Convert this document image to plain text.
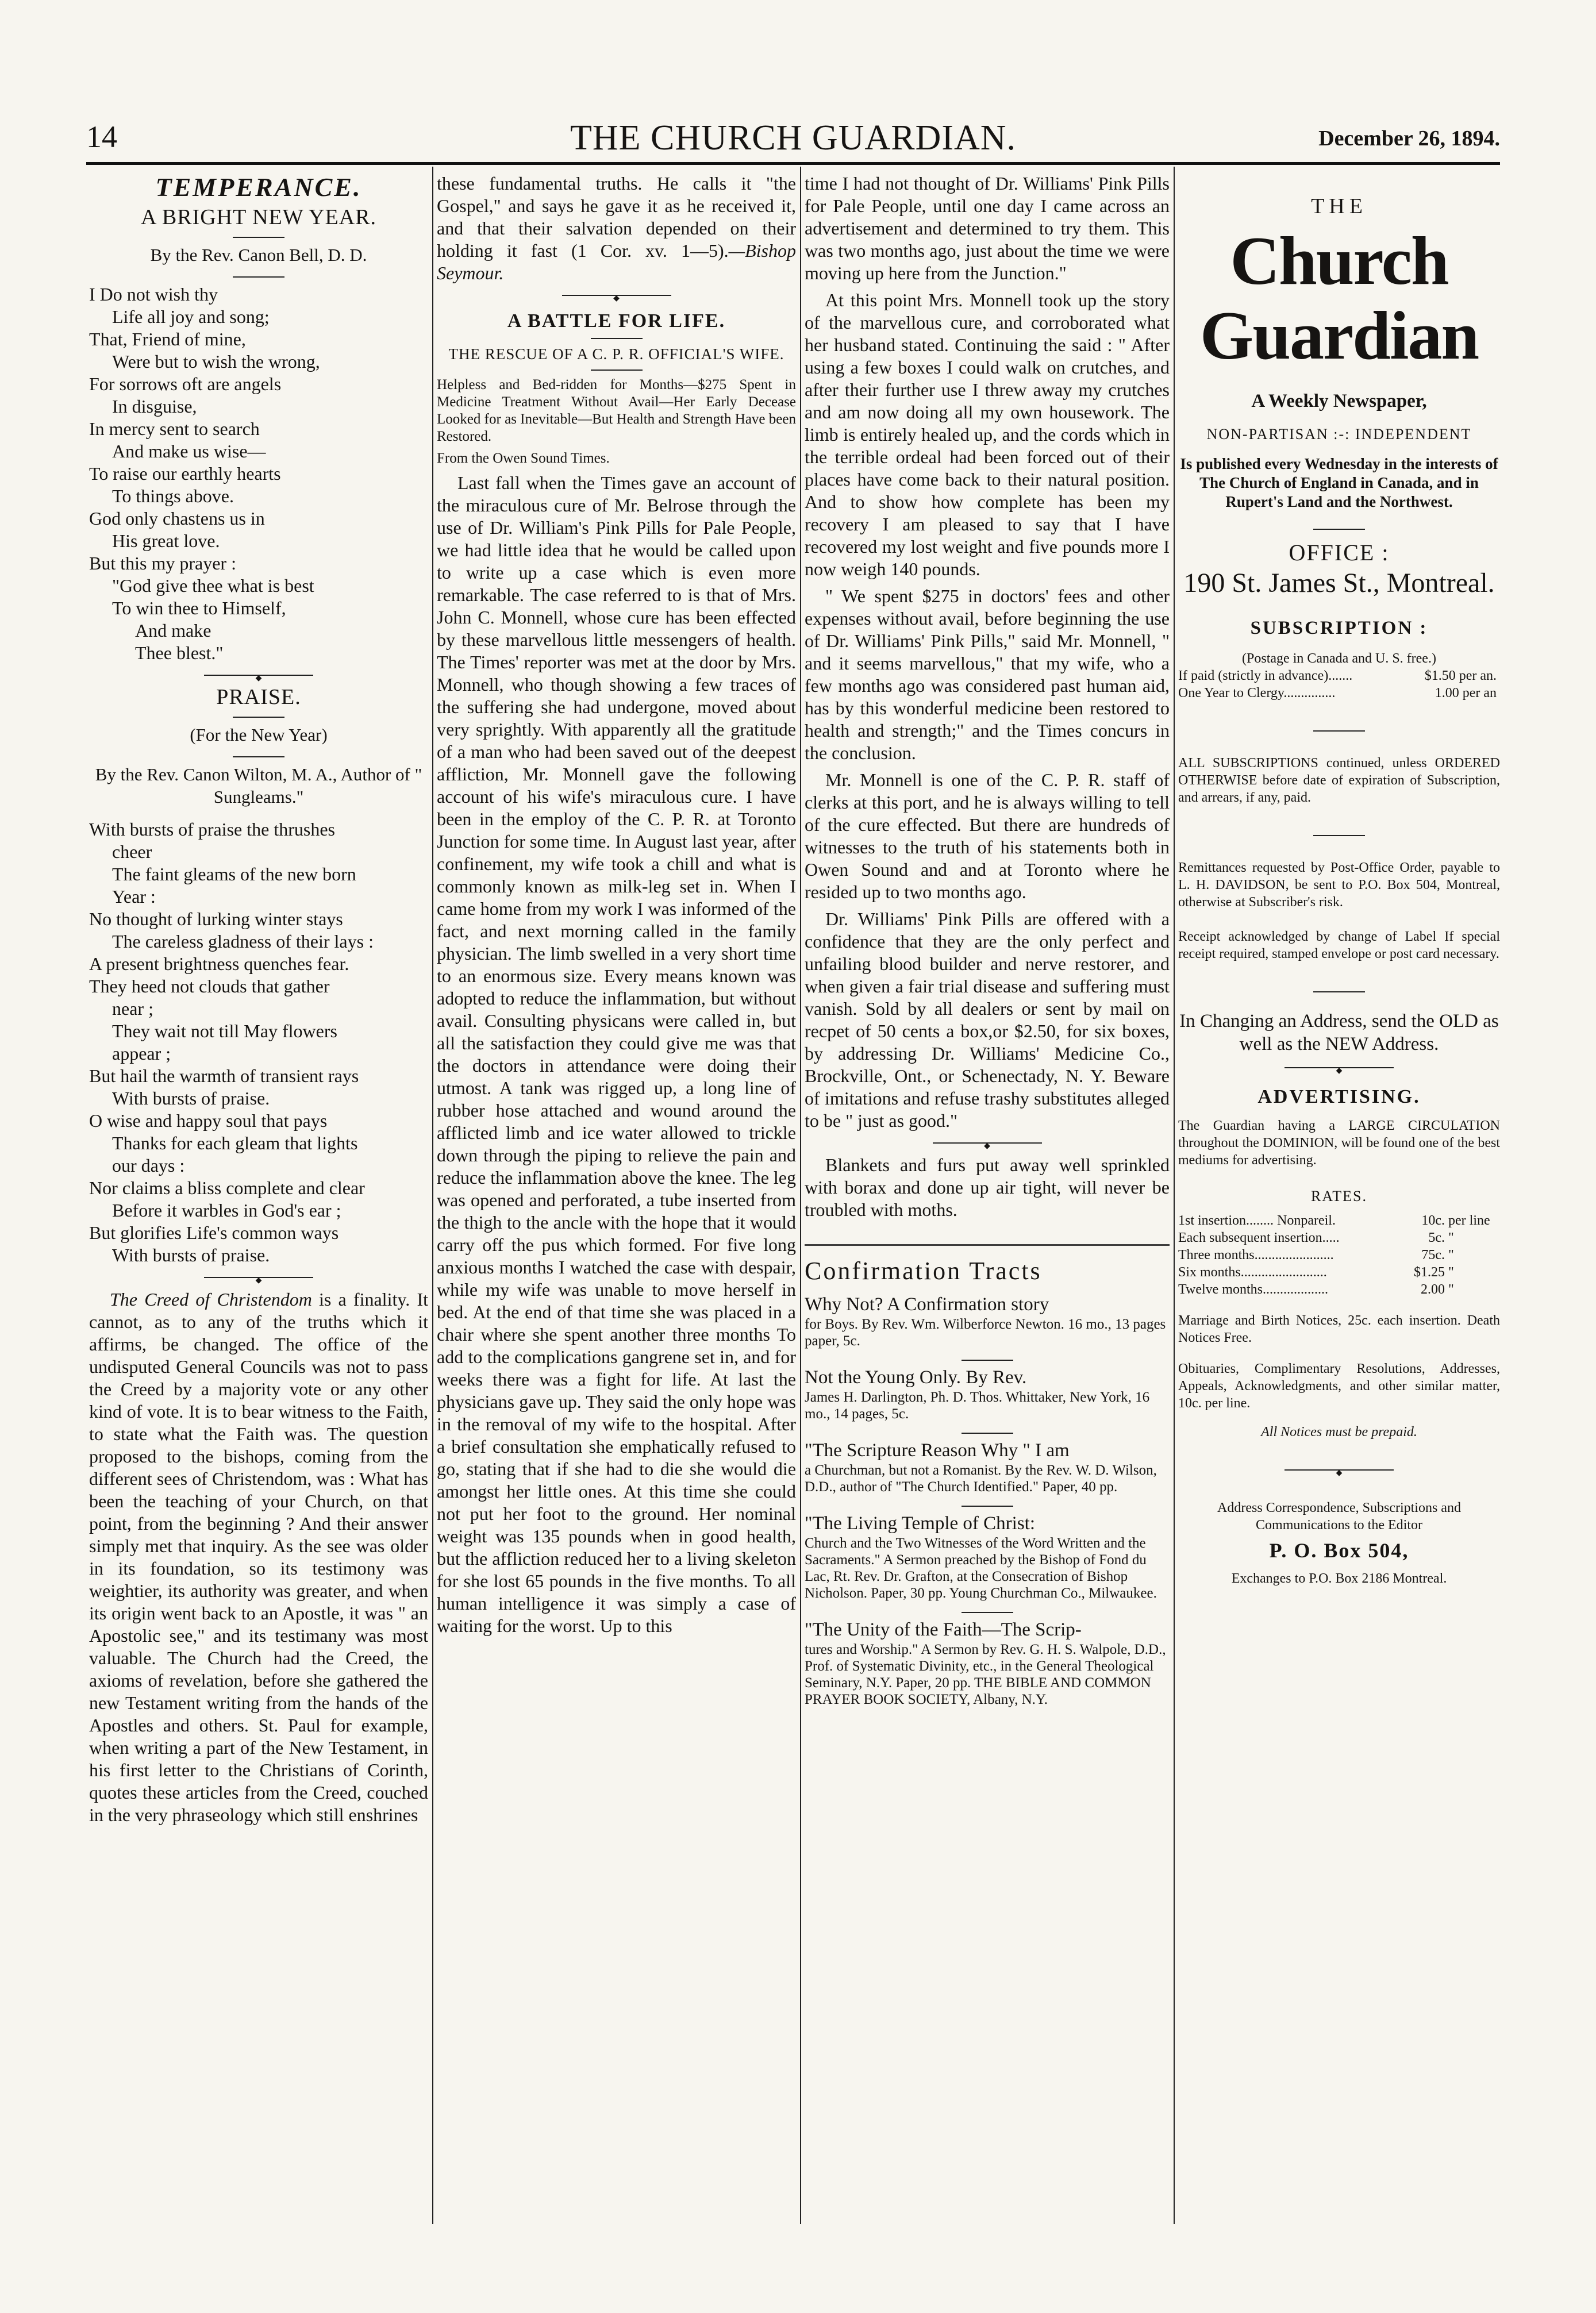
14	THE CHURCH GUARDIAN.	December 26, 1894.
TEMPERANCE.
A BRIGHT NEW YEAR.
By the Rev. Canon Bell, D. D.
I Do not wish thy
Life all joy and song;
That, Friend of mine,
Were but to wish the wrong,
For sorrows oft are angels
In disguise,
In mercy sent to search
And make us wise—
To raise our earthly hearts
To things above.
God only chastens us in
His great love.
But this my prayer :
"God give thee what is best
To win thee to Himself,
And make
Thee blest."
◆
PRAISE.
(For the New Year)
By the Rev. Canon Wilton, M. A., Author of " Sungleams."
With bursts of praise the thrushes
cheer
The faint gleams of the new born
Year :
No thought of lurking winter stays
The careless gladness of their lays :
A present brightness quenches fear.
They heed not clouds that gather
near ;
They wait not till May flowers
appear ;
But hail the warmth of transient rays
With bursts of praise.
O wise and happy soul that pays
Thanks for each gleam that lights
our days :
Nor claims a bliss complete and clear
Before it warbles in God's ear ;
But glorifies Life's common ways
With bursts of praise.
◆

The Creed of Christendom is a finality. It cannot, as to any of the truths which it affirms, be changed. The office of the undisputed General Councils was not to pass the Creed by a majority vote or any other kind of vote. It is to bear witness to the Faith, to state what the Faith was. The question proposed to the bishops, coming from the different sees of Christendom, was : What has been the teaching of your Church, on that point, from the beginning ? And their answer simply met that inquiry. As the see was older in its foundation, so its testimony was weightier, its authority was greater, and when its origin went back to an Apostle, it was " an Apostolic see," and its testimany was most valuable. The Church had the Creed, the axioms of revelation, before she gathered the new Testament writing from the hands of the Apostles and others. St. Paul for example, when writing a part of the New Testament, in his first letter to the Christians of Corinth, quotes these articles from the Creed, couched in the very phraseology which still enshrines

these fundamental truths. He calls it "the Gospel," and says he gave it as he received it, and that their salvation depended on their holding it fast (1 Cor. xv. 1—5).—Bishop Seymour.

◆
A BATTLE FOR LIFE.
THE RESCUE OF A C. P. R. OFFICIAL'S WIFE.
Helpless and Bed-ridden for Months—$275 Spent in Medicine Treatment Without Avail—Her Early Decease Looked for as Inevitable—But Health and Strength Have been Restored.
From the Owen Sound Times.

Last fall when the Times gave an account of the miraculous cure of Mr. Belrose through the use of Dr. William's Pink Pills for Pale People, we had little idea that he would be called upon to write up a case which is even more remarkable. The case referred to is that of Mrs. John C. Monnell, whose cure has been effected by these marvellous little messengers of health. The Times' reporter was met at the door by Mrs. Monnell, who though showing a few traces of the suffering she had undergone, moved about very sprightly. With apparently all the gratitude of a man who had been saved out of the deepest affliction, Mr. Monnell gave the following account of his wife's miraculous cure. I have been in the employ of the C. P. R. at Toronto Junction for some time. In August last year, after confinement, my wife took a chill and what is commonly known as milk-leg set in. When I came home from my work I was informed of the fact, and next morning called in the family physician. The limb swelled in a very short time to an enormous size. Every means known was adopted to reduce the inflammation, but without avail. Consulting physicans were called in, but all the satisfaction they could give me was that the doctors in attendance were doing their utmost. A tank was rigged up, a long line of rubber hose attached and wound around the afflicted limb and ice water allowed to trickle down through the piping to relieve the pain and reduce the inflammation above the knee. The leg was opened and perforated, a tube inserted from the thigh to the ancle with the hope that it would carry off the pus which formed. For five long anxious months I watched the case with despair, while my wife was unable to move herself in bed. At the end of that time she was placed in a chair where she spent another three months To add to the complications gangrene set in, and for weeks there was a fight for life. At last the physicians gave up. They said the only hope was in the removal of my wife to the hospital. After a brief consultation she emphatically refused to go, stating that if she had to die she would die amongst her little ones. At this time she could not put her foot to the ground. Her nominal weight was 135 pounds when in good health, but the affliction reduced her to a living skeleton for she lost 65 pounds in the five months. To all human intelligence it was simply a case of waiting for the worst. Up to this

time I had not thought of Dr. Williams' Pink Pills for Pale People, until one day I came across an advertisement and determined to try them. This was two months ago, just about the time we were moving up here from the Junction."

At this point Mrs. Monnell took up the story of the marvellous cure, and corroborated what her husband stated. Continuing the said : " After using a few boxes I could walk on crutches, and after their further use I threw away my crutches and am now doing all my own housework. The limb is entirely healed up, and the cords which in the terrible ordeal had been forced out of their places have come back to their natural position. And to show how complete has been my recovery I am pleased to say that I have recovered my lost weight and five pounds more I now weigh 140 pounds.

" We spent $275 in doctors' fees and other expenses without avail, before beginning the use of Dr. Williams' Pink Pills," said Mr. Monnell, " and it seems marvellous," that my wife, who a few months ago was considered past human aid, has by this wonderful medicine been restored to health and strength;" and the Times concurs in the conclusion.

Mr. Monnell is one of the C. P. R. staff of clerks at this port, and he is always willing to tell of the cure effected. But there are hundreds of witnesses to the truth of his statements both in Owen Sound and and at Toronto where he resided up to two months ago.

Dr. Williams' Pink Pills are offered with a confidence that they are the only perfect and unfailing blood builder and nerve restorer, and when given a fair trial disease and suffering must vanish. Sold by all dealers or sent by mail on recpet of 50 cents a box,or $2.50, for six boxes, by addressing Dr. Williams' Medicine Co., Brockville, Ont., or Schenectady, N. Y. Beware of imitations and refuse trashy substitutes alleged to be " just as good."

◆

Blankets and furs put away well sprinkled with borax and done up air tight, will never be troubled with moths.

Confirmation Tracts
Why Not? A Confirmation story
for Boys. By Rev. Wm. Wilberforce Newton. 16 mo., 13 pages paper, 5c.
Not the Young Only. By Rev.
James H. Darlington, Ph. D. Thos. Whittaker, New York, 16 mo., 14 pages, 5c.
"The Scripture Reason Why " I am
a Churchman, but not a Romanist. By the Rev. W. D. Wilson, D.D., author of "The Church Identified." Paper, 40 pp.
"The Living Temple of Christ:
Church and the Two Witnesses of the Word Written and the Sacraments." A Sermon preached by the Bishop of Fond du Lac, Rt. Rev. Dr. Grafton, at the Consecration of Bishop Nicholson. Paper, 30 pp. Young Churchman Co., Milwaukee.
"The Unity of the Faith—The Scrip-
tures and Worship." A Sermon by Rev. G. H. S. Walpole, D.D., Prof. of Systematic Divinity, etc., in the General Theological Seminary, N.Y. Paper, 20 pp. THE BIBLE AND COMMON PRAYER BOOK SOCIETY, Albany, N.Y.
THE
Church Guardian
A Weekly Newspaper,
NON-PARTISAN :-: INDEPENDENT
Is published every Wednesday in the interests of The Church of England in Canada, and in Rupert's Land and the Northwest.
OFFICE :
190 St. James St., Montreal.
SUBSCRIPTION :
(Postage in Canada and U. S. free.)
If paid (strictly in advance).......	$1.50 per an.
One Year to Clergy...............	1.00 per an
ALL SUBSCRIPTIONS continued, unless ORDERED OTHERWISE before date of expiration of Subscription, and arrears, if any, paid.
Remittances requested by Post-Office Order, payable to L. H. DAVIDSON, be sent to P.O. Box 504, Montreal, otherwise at Subscriber's risk.
Receipt acknowledged by change of Label If special receipt required, stamped envelope or post card necessary.
In Changing an Address, send the OLD as well as the NEW Address.
◆
ADVERTISING.
The Guardian having a LARGE CIRCULATION throughout the DOMINION, will be found one of the best mediums for advertising.
RATES.
1st insertion........ Nonpareil.	10c.	per line
Each subsequent insertion.....	5c.	"
Three months.......................	75c.	"
Six months.........................	$1.25	"
Twelve months...................	2.00	"
Marriage and Birth Notices, 25c. each insertion. Death Notices Free.
Obituaries, Complimentary Resolutions, Addresses, Appeals, Acknowledgments, and other similar matter, 10c. per line.
All Notices must be prepaid.
◆
Address Correspondence, Subscriptions and Communications to the Editor
P. O. Box 504,
Exchanges to P.O. Box 2186 Montreal.
